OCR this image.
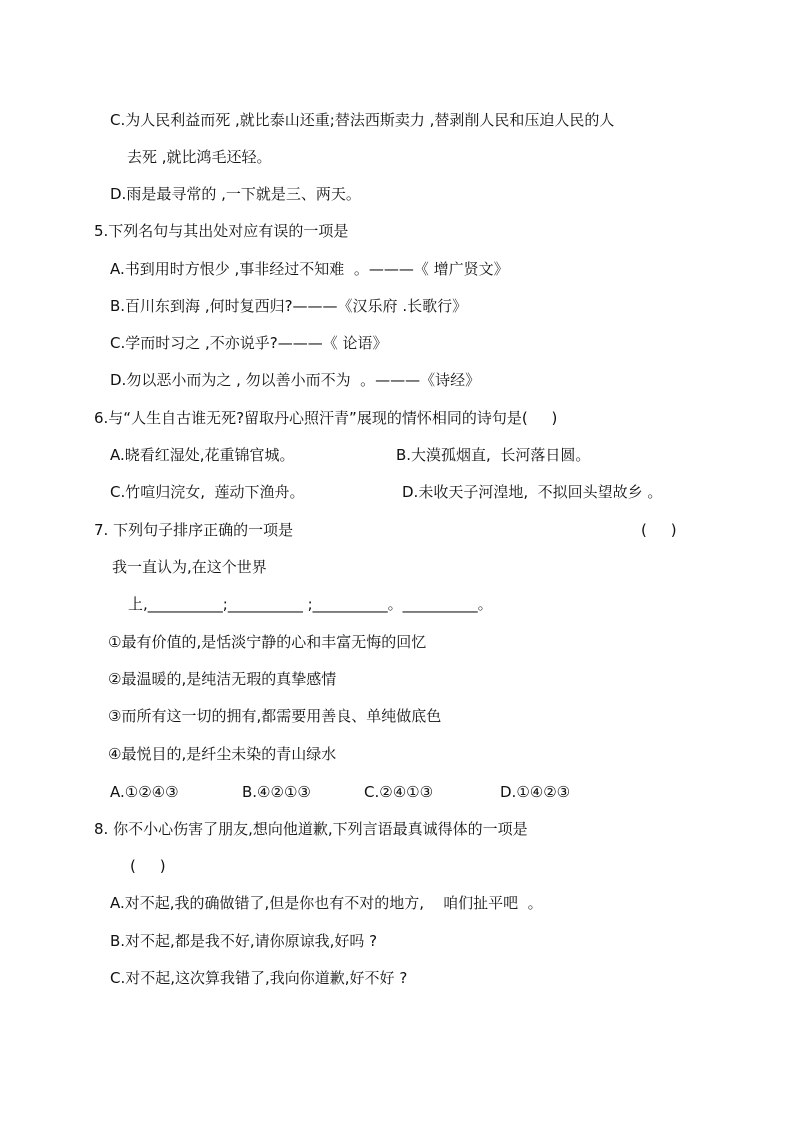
C.为人民利益而死 ,就比泰山还重;替法西斯卖力 ,替剥削人民和压迫人民的人

去死 ,就比鸿毛还轻。

D.雨是最寻常的 ,一下就是三、两天。

5.下列名句与其出处对应有误的一项是

A.书到用时方恨少 ,事非经过不知难  。———《 增广贤文》

B.百川东到海 ,何时复西归?———《汉乐府 .长歌行》

C.学而时习之 ,不亦说乎?———《 论语》

D.勿以恶小而为之 , 勿以善小而不为  。———《诗经》

6.与“人生自古谁无死?留取丹心照汗青”展现的情怀相同的诗句是(     )

A.晓看红湿处,花重锦官城。	B.大漠孤烟直,  长河落日圆。

C.竹喧归浣女,  莲动下渔舟。	D.未收天子河湟地,  不拟回头望故乡 。

7. 下列句子排序正确的一项是	(     )

我一直认为,在这个世界

上,__________;__________ ;__________。__________。

①最有价值的,是恬淡宁静的心和丰富无悔的回忆

②最温暖的,是纯洁无瑕的真挚感情

③而所有这一切的拥有,都需要用善良、单纯做底色

④最悦目的,是纤尘未染的青山绿水

A.①②④③	B.④②①③	C.②④①③	D.①④②③

8. 你不小心伤害了朋友,想向他道歉,下列言语最真诚得体的一项是

(     )

A.对不起,我的确做错了,但是你也有不对的地方,    咱们扯平吧  。

B.对不起,都是我不好,请你原谅我,好吗 ?

C.对不起,这次算我错了,我向你道歉,好不好 ?
